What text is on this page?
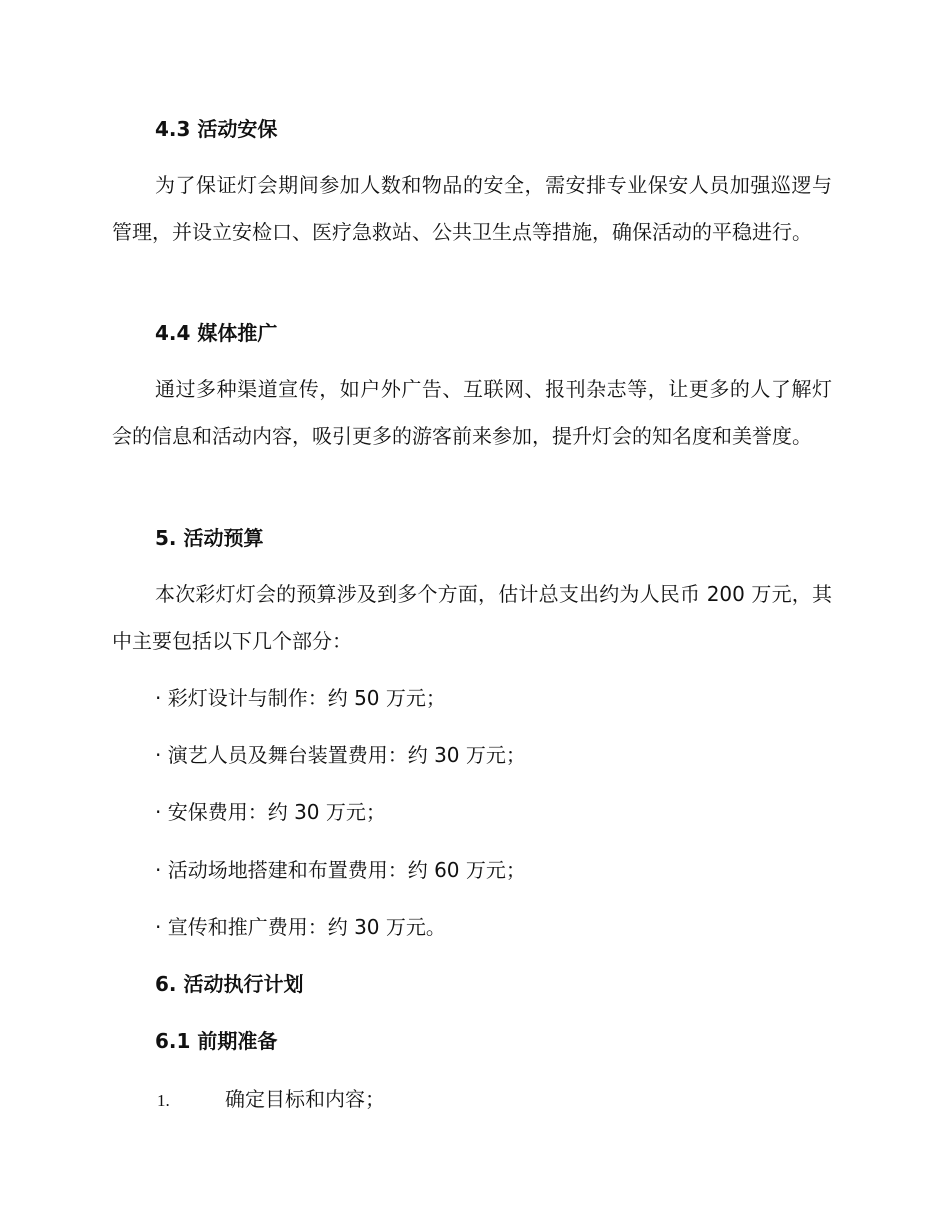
4.3 活动安保
为了保证灯会期间参加人数和物品的安全，需安排专业保安人员加强巡逻与管理，并设立安检口、医疗急救站、公共卫生点等措施，确保活动的平稳进行。
4.4 媒体推广
通过多种渠道宣传，如户外广告、互联网、报刊杂志等，让更多的人了解灯会的信息和活动内容，吸引更多的游客前来参加，提升灯会的知名度和美誉度。
5. 活动预算
本次彩灯灯会的预算涉及到多个方面，估计总支出约为人民币 200 万元，其中主要包括以下几个部分：
· 彩灯设计与制作：约 50 万元；
· 演艺人员及舞台装置费用：约 30 万元；
· 安保费用：约 30 万元；
· 活动场地搭建和布置费用：约 60 万元；
· 宣传和推广费用：约 30 万元。
6. 活动执行计划
6.1 前期准备
1.	确定目标和内容；
